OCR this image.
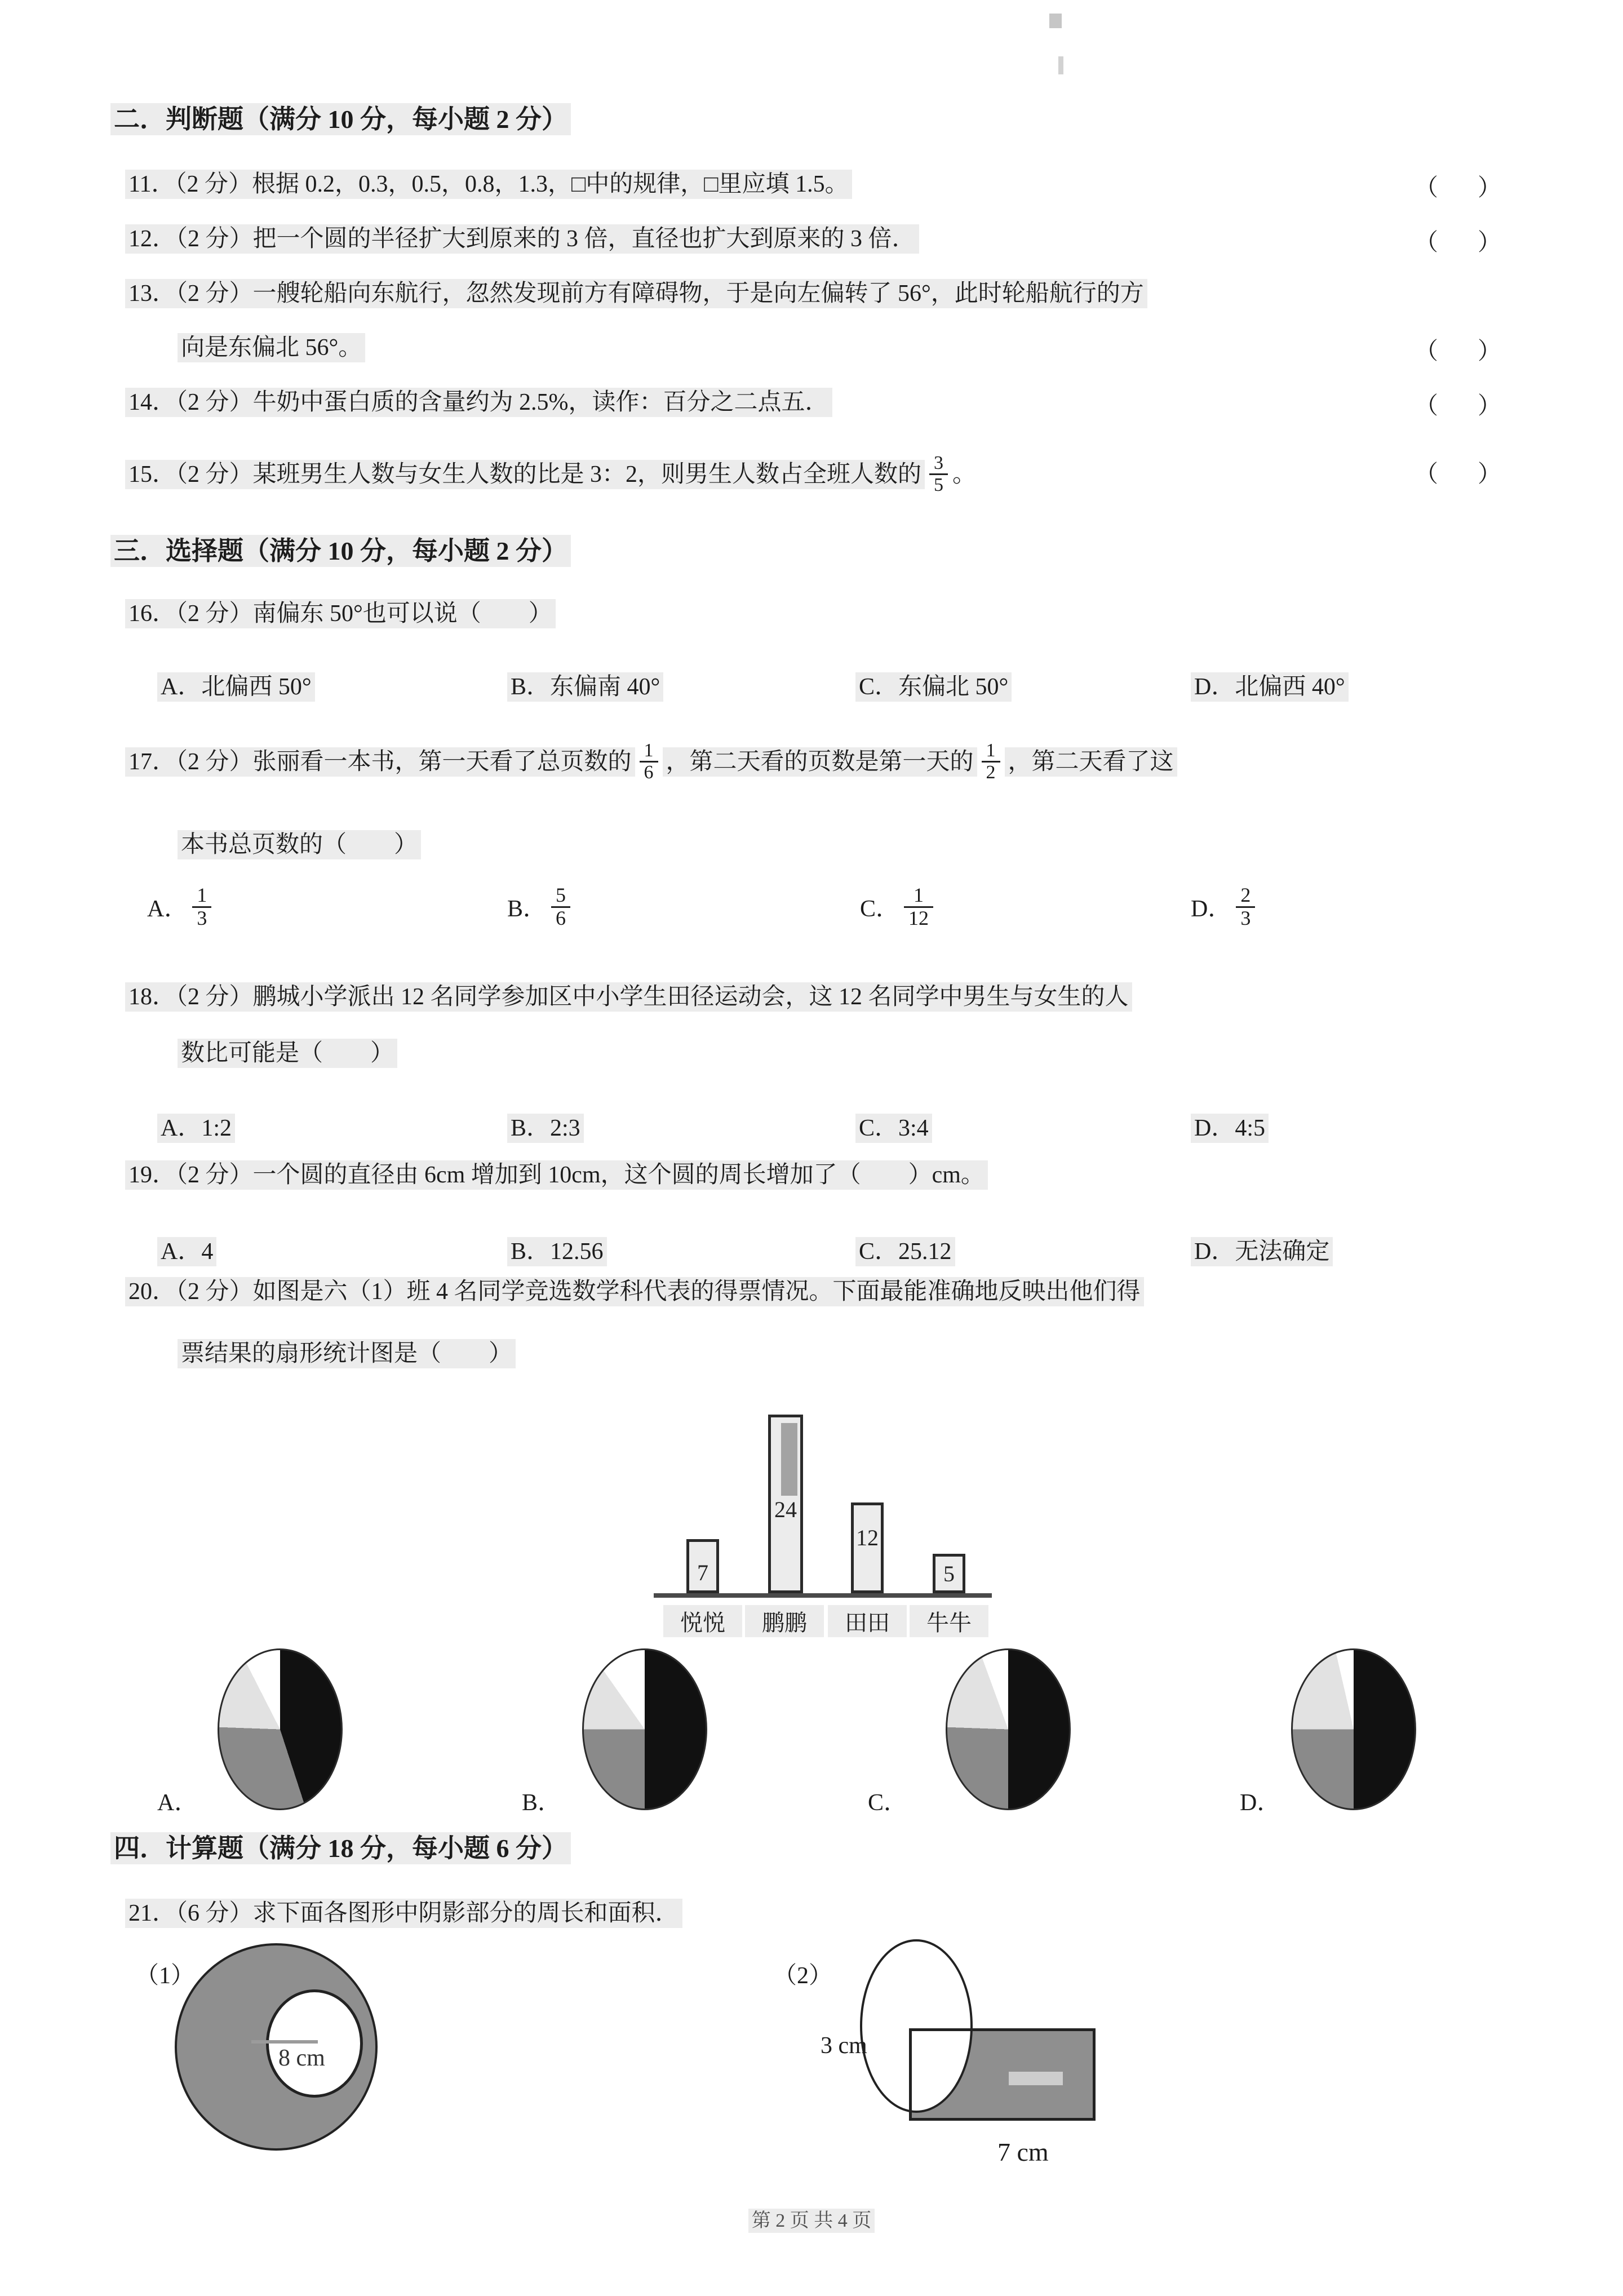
二．判断题（满分 10 分，每小题 2 分）
11．（2 分）根据 0.2，0.3，0.5，0.8，1.3，□中的规律，□里应填 1.5。	（　）
12．（2 分）把一个圆的半径扩大到原来的 3 倍，直径也扩大到原来的 3 倍．	（　）
13．（2 分）一艘轮船向东航行，忽然发现前方有障碍物，于是向左偏转了 56°，此时轮船航行的方
向是东偏北 56°。	（　）
14．（2 分）牛奶中蛋白质的含量约为 2.5%，读作：百分之二点五．	（　）
15．（2 分）某班男生人数与女生人数的比是 3：2，则男生人数占全班人数的 $\frac{3}{5}$ 。	（　）
三．选择题（满分 10 分，每小题 2 分）
16．（2 分）南偏东 50°也可以说（　　）
A．北偏西 50°	B．东偏南 40°	C．东偏北 50°	D．北偏西 40°
17．（2 分）张丽看一本书，第一天看了总页数的 $\frac{1}{6}$ ，第二天看的页数是第一天的 $\frac{1}{2}$ ，第二天看了这
本书总页数的（　　）
A． $\frac{1}{3}$	B． $\frac{5}{6}$	C． $\frac{1}{12}$	D． $\frac{2}{3}$
18．（2 分）鹏城小学派出 12 名同学参加区中小学生田径运动会，这 12 名同学中男生与女生的人
数比可能是（　　）
A．1:2	B．2:3	C．3:4	D．4:5
19．（2 分）一个圆的直径由 6cm 增加到 10cm，这个圆的周长增加了（　　）cm。
A．4	B．12.56	C．25.12	D．无法确定
20．（2 分）如图是六（1）班 4 名同学竞选数学科代表的得票情况。下面最能准确地反映出他们得
票结果的扇形统计图是（　　）
7
24
12
5
悦悦	鹏鹏	田田	牛牛
A．	B．	C．	D．
四．计算题（满分 18 分，每小题 6 分）
21．（6 分）求下面各图形中阴影部分的周长和面积．
（1）
8 cm
（2）
3 cm
7 cm
第 2 页 共 4 页
